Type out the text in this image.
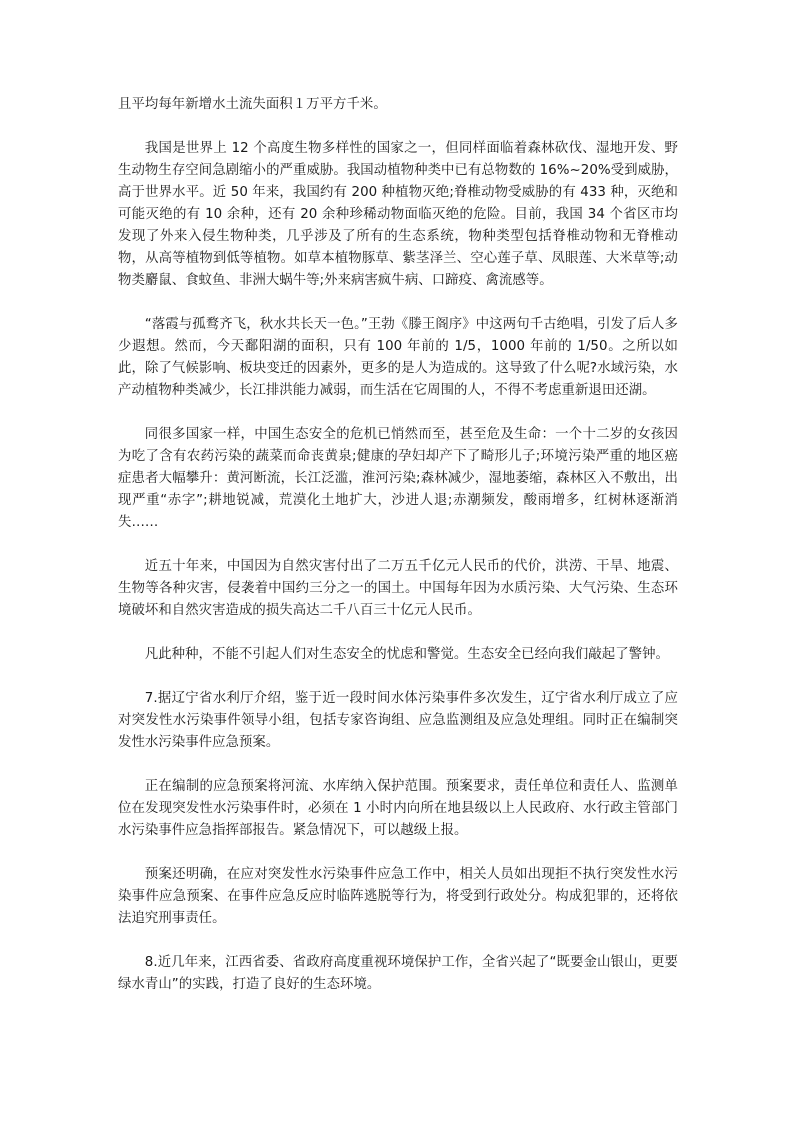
且平均每年新增水土流失面积１万平方千米。

我国是世界上 12 个高度生物多样性的国家之一，但同样面临着森林砍伐、湿地开发、野生动物生存空间急剧缩小的严重威胁。我国动植物种类中已有总物数的 16%~20%受到威胁，高于世界水平。近 50 年来，我国约有 200 种植物灭绝;脊椎动物受威胁的有 433 种，灭绝和可能灭绝的有 10 余种，还有 20 余种珍稀动物面临灭绝的危险。目前，我国 34 个省区市均发现了外来入侵生物种类，几乎涉及了所有的生态系统，物种类型包括脊椎动物和无脊椎动物，从高等植物到低等植物。如草本植物豚草、紫茎泽兰、空心莲子草、凤眼莲、大米草等;动物类麝鼠、食蚊鱼、非洲大蜗牛等;外来病害疯牛病、口蹄疫、禽流感等。

“落霞与孤鹜齐飞，秋水共长天一色。”王勃《滕王阁序》中这两句千古绝唱，引发了后人多少遐想。然而，今天鄱阳湖的面积，只有 100 年前的 1/5，1000 年前的 1/50。之所以如此，除了气候影响、板块变迁的因素外，更多的是人为造成的。这导致了什么呢?水域污染，水产动植物种类减少，长江排洪能力减弱，而生活在它周围的人，不得不考虑重新退田还湖。

同很多国家一样，中国生态安全的危机已悄然而至，甚至危及生命：一个十二岁的女孩因为吃了含有农药污染的蔬菜而命丧黄泉;健康的孕妇却产下了畸形儿子;环境污染严重的地区癌症患者大幅攀升：黄河断流，长江泛滥，淮河污染;森林减少，湿地萎缩，森林区入不敷出，出现严重“赤字”;耕地锐减，荒漠化土地扩大，沙进人退;赤潮频发，酸雨增多，红树林逐渐消失……

近五十年来，中国因为自然灾害付出了二万五千亿元人民币的代价，洪涝、干旱、地震、生物等各种灾害，侵袭着中国约三分之一的国土。中国每年因为水质污染、大气污染、生态环境破坏和自然灾害造成的损失高达二千八百三十亿元人民币。

凡此种种，不能不引起人们对生态安全的忧虑和警觉。生态安全已经向我们敲起了警钟。

7.据辽宁省水利厅介绍，鉴于近一段时间水体污染事件多次发生，辽宁省水利厅成立了应对突发性水污染事件领导小组，包括专家咨询组、应急监测组及应急处理组。同时正在编制突发性水污染事件应急预案。

正在编制的应急预案将河流、水库纳入保护范围。预案要求，责任单位和责任人、监测单位在发现突发性水污染事件时，必须在 1 小时内向所在地县级以上人民政府、水行政主管部门水污染事件应急指挥部报告。紧急情况下，可以越级上报。

预案还明确，在应对突发性水污染事件应急工作中，相关人员如出现拒不执行突发性水污染事件应急预案、在事件应急反应时临阵逃脱等行为，将受到行政处分。构成犯罪的，还将依法追究刑事责任。

8.近几年来，江西省委、省政府高度重视环境保护工作，全省兴起了“既要金山银山，更要绿水青山”的实践，打造了良好的生态环境。
